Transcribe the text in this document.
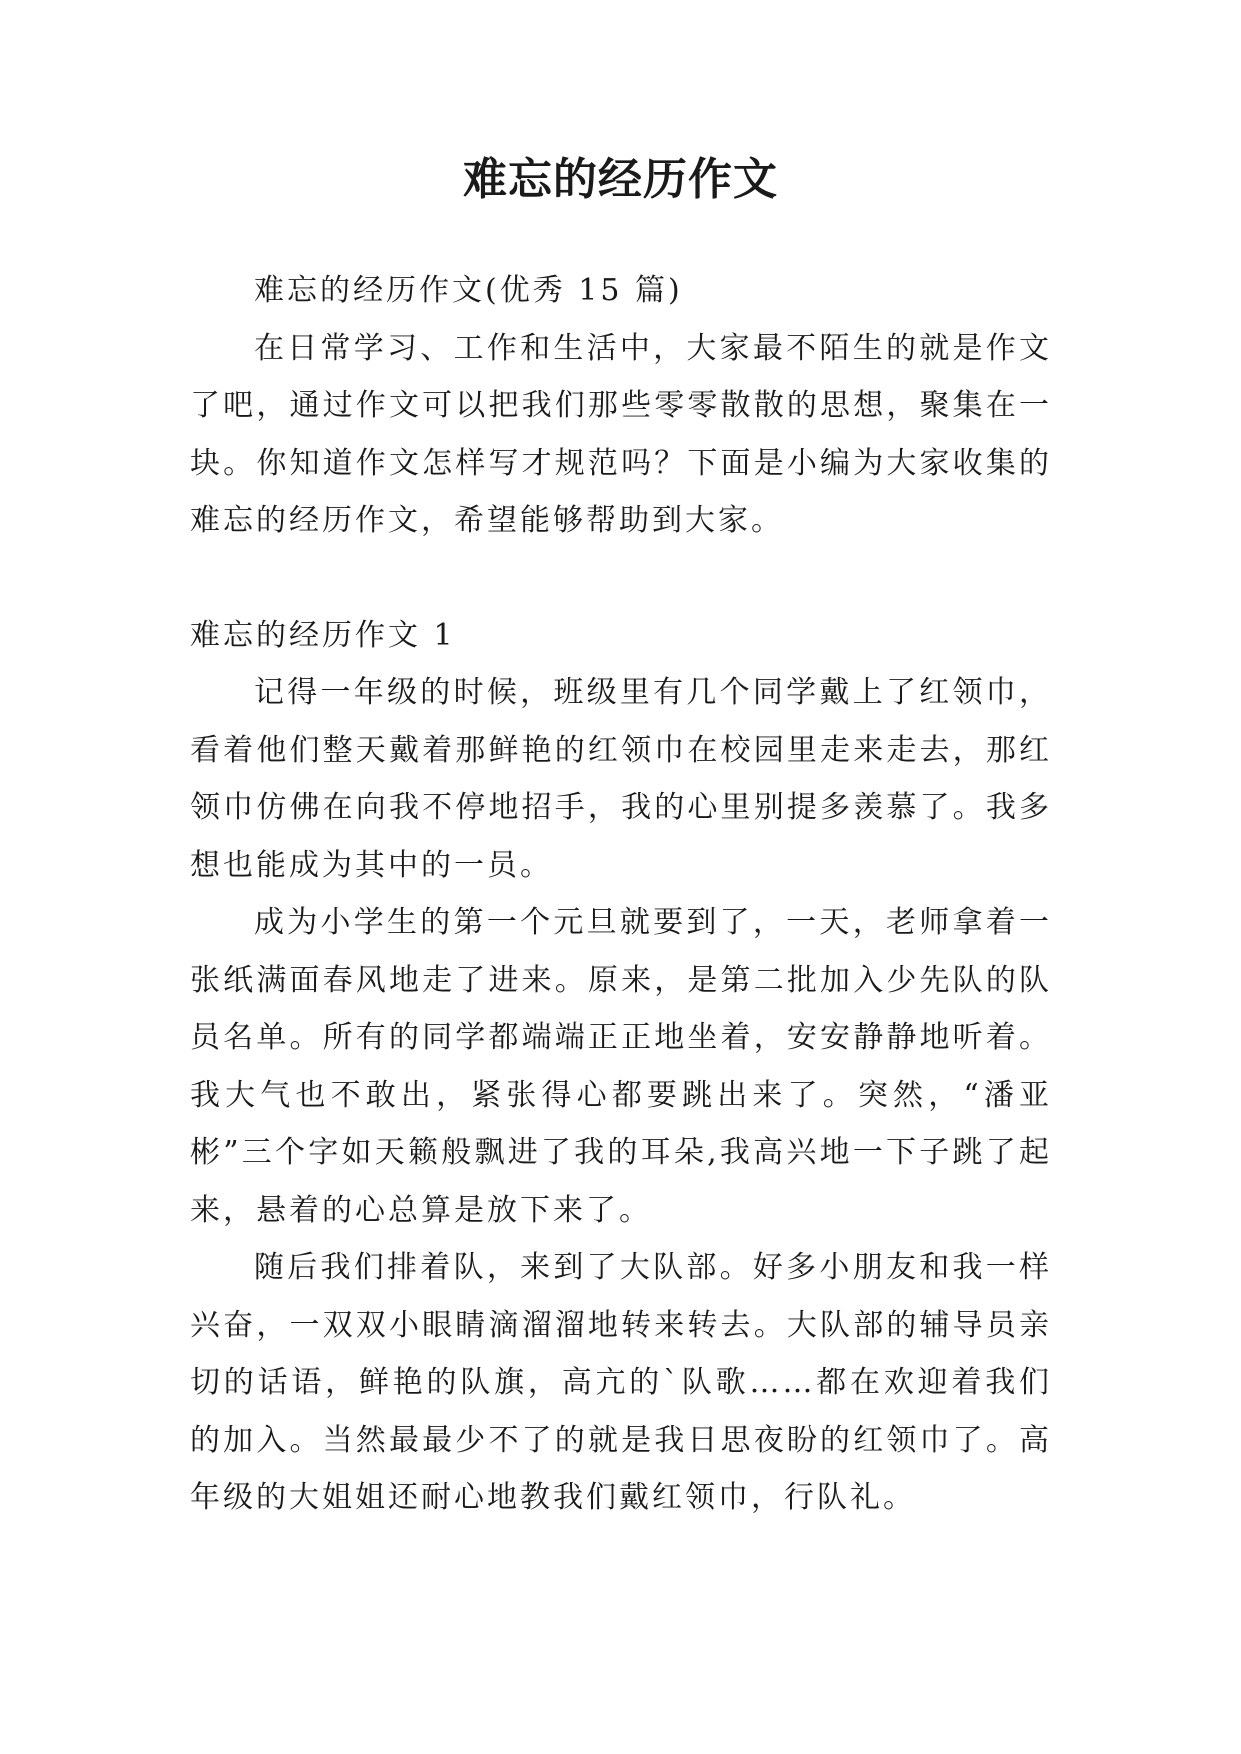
难忘的经历作文

难忘的经历作文(优秀 15 篇)

在日常学习、工作和生活中，大家最不陌生的就是作文了吧，通过作文可以把我们那些零零散散的思想，聚集在一块。你知道作文怎样写才规范吗？下面是小编为大家收集的难忘的经历作文，希望能够帮助到大家。

难忘的经历作文 1

记得一年级的时候，班级里有几个同学戴上了红领巾，看着他们整天戴着那鲜艳的红领巾在校园里走来走去，那红领巾仿佛在向我不停地招手，我的心里别提多羡慕了。我多想也能成为其中的一员。

成为小学生的第一个元旦就要到了，一天，老师拿着一张纸满面春风地走了进来。原来，是第二批加入少先队的队员名单。所有的同学都端端正正地坐着，安安静静地听着。我大气也不敢出，紧张得心都要跳出来了。突然，“潘亚彬”三个字如天籁般飘进了我的耳朵,我高兴地一下子跳了起来，悬着的心总算是放下来了。

随后我们排着队，来到了大队部。好多小朋友和我一样兴奋，一双双小眼睛滴溜溜地转来转去。大队部的辅导员亲切的话语，鲜艳的队旗，高亢的`队歌……都在欢迎着我们的加入。当然最最少不了的就是我日思夜盼的红领巾了。高年级的大姐姐还耐心地教我们戴红领巾，行队礼。
